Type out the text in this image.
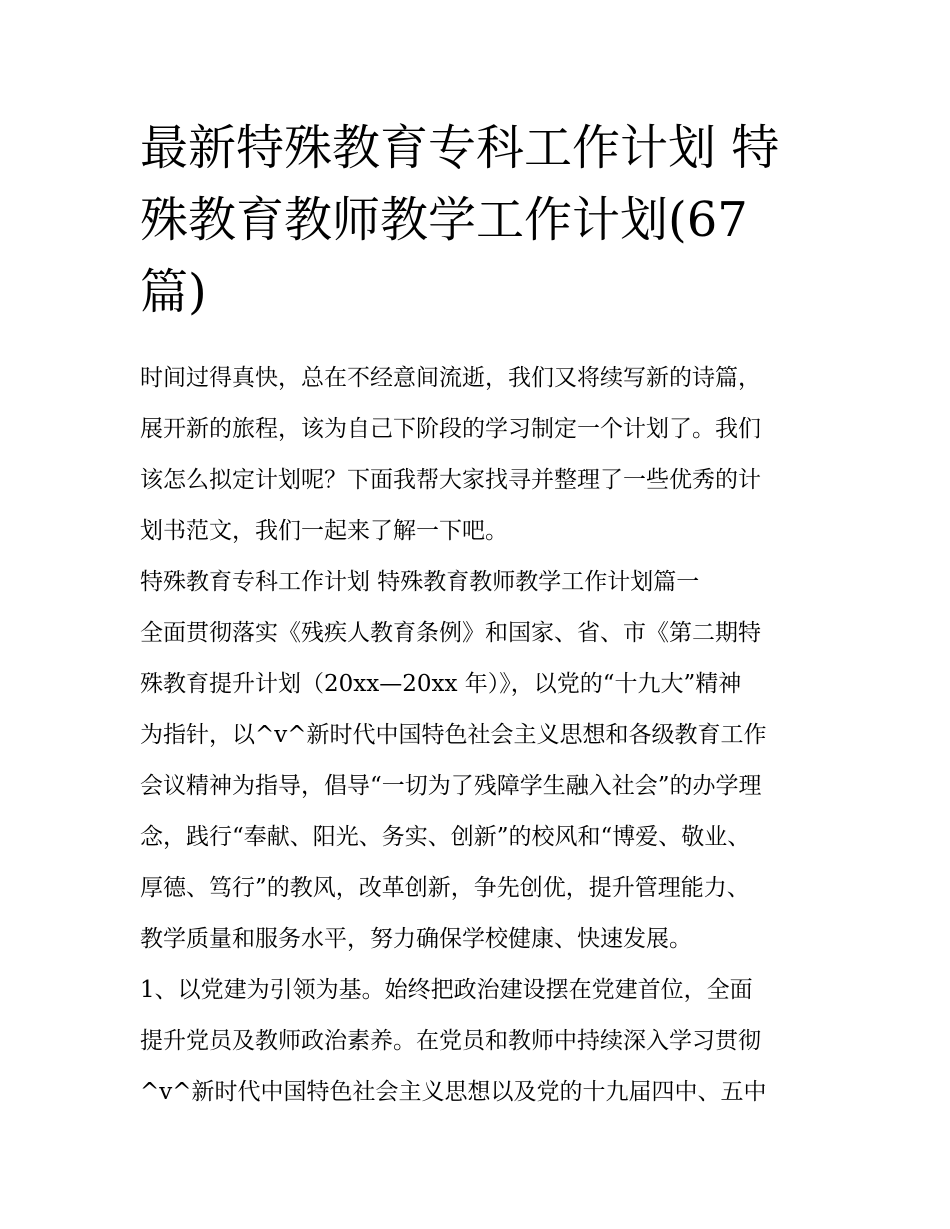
最新特殊教育专科工作计划 特
殊教育教师教学工作计划(67
篇)
时间过得真快，总在不经意间流逝，我们又将续写新的诗篇，
展开新的旅程，该为自己下阶段的学习制定一个计划了。我们
该怎么拟定计划呢？下面我帮大家找寻并整理了一些优秀的计
划书范文，我们一起来了解一下吧。
特殊教育专科工作计划 特殊教育教师教学工作计划篇一
全面贯彻落实《残疾人教育条例》和国家、省、市《第二期特
殊教育提升计划（20xx—20xx 年）》，以党的“十九大”精神
为指针，以^v^新时代中国特色社会主义思想和各级教育工作
会议精神为指导，倡导“一切为了残障学生融入社会”的办学理
念，践行“奉献、阳光、务实、创新”的校风和“博爱、敬业、
厚德、笃行”的教风，改革创新，争先创优，提升管理能力、
教学质量和服务水平，努力确保学校健康、快速发展。
1、以党建为引领为基。始终把政治建设摆在党建首位，全面
提升党员及教师政治素养。在党员和教师中持续深入学习贯彻
^v^新时代中国特色社会主义思想以及党的十九届四中、五中
